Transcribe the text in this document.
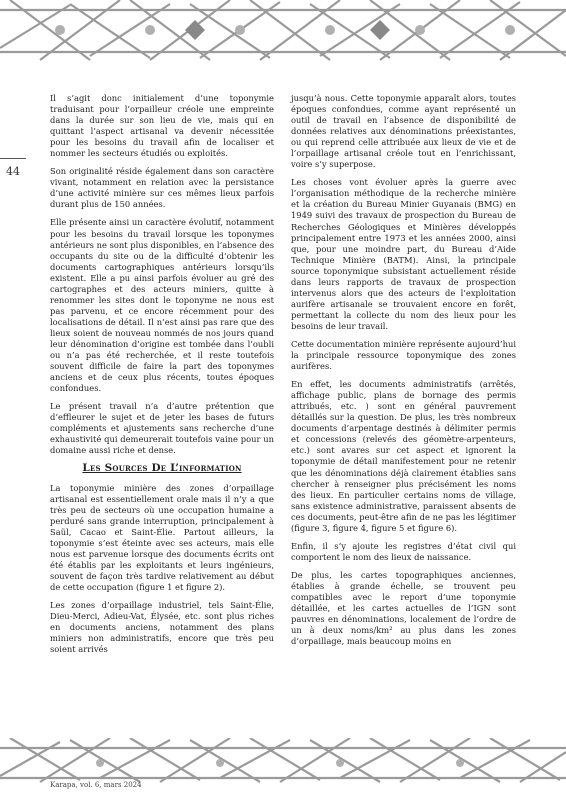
44

Il s’agit donc initialement d’une toponymie traduisant pour l’orpailleur créole une empreinte dans la durée sur son lieu de vie, mais qui en quittant l’aspect artisanal va devenir nécessitée pour les besoins du travail afin de localiser et nommer les secteurs étudiés ou exploités.

Son originalité réside également dans son caractère vivant, notamment en relation avec la persistance d’une activité minière sur ces mêmes lieux parfois durant plus de 150 années.

Elle présente ainsi un caractère évolutif, notamment pour les besoins du travail lorsque les toponymes antérieurs ne sont plus disponibles, en l’absence des occupants du site ou de la difficulté d’obtenir les documents cartographiques antérieurs lorsqu’ils existent. Elle a pu ainsi parfois évoluer au gré des cartographes et des acteurs miniers, quitte à renommer les sites dont le toponyme ne nous est pas parvenu, et ce encore récemment pour des localisations de détail. Il n’est ainsi pas rare que des lieux soient de nouveau nommés de nos jours quand leur dénomination d’origine est tombée dans l’oubli ou n’a pas été recherchée, et il reste toutefois souvent difficile de faire la part des toponymes anciens et de ceux plus récents, toutes époques confondues.

Le présent travail n’a d’autre prétention que d’effleurer le sujet et de jeter les bases de futurs compléments et ajustements sans recherche d’une exhaustivité qui demeurerait toutefois vaine pour un domaine aussi riche et dense.

Les Sources De L’information

La toponymie minière des zones d’orpaillage artisanal est essentiellement orale mais il n’y a que très peu de secteurs où une occupation humaine a perduré sans grande interruption, principalement à Saül, Cacao et Saint-Élie. Partout ailleurs, la toponymie s’est éteinte avec ses acteurs, mais elle nous est parvenue lorsque des documents écrits ont été établis par les exploitants et leurs ingénieurs, souvent de façon très tardive relativement au début de cette occupation (figure 1 et figure 2).

Les zones d’orpaillage industriel, tels Saint-Élie, Dieu-Merci, Adieu-Vat, Élysée, etc. sont plus riches en documents anciens, notamment des plans miniers non administratifs, encore que très peu soient arrivés

jusqu’à nous. Cette toponymie apparaît alors, toutes époques confondues, comme ayant représenté un outil de travail en l’absence de disponibilité de données relatives aux dénominations préexistantes, ou qui reprend celle attribuée aux lieux de vie et de l’orpaillage artisanal créole tout en l’enrichissant, voire s’y superpose.

Les choses vont évoluer après la guerre avec l’organisation méthodique de la recherche minière et la création du Bureau Minier Guyanais (BMG) en 1949 suivi des travaux de prospection du Bureau de Recherches Géologiques et Minières développés principalement entre 1973 et les années 2000, ainsi que, pour une moindre part, du Bureau d’Aide Technique Minière (BATM). Ainsi, la principale source toponymique subsistant actuellement réside dans leurs rapports de travaux de prospection intervenus alors que des acteurs de l’exploitation aurifère artisanale se trouvaient encore en forêt, permettant la collecte du nom des lieux pour les besoins de leur travail.

Cette documentation minière représente aujourd’hui la principale ressource toponymique des zones aurifères.

En effet, les documents administratifs (arrêtés, affichage public, plans de bornage des permis attribués, etc. ) sont en général pauvrement détaillés sur la question. De plus, les très nombreux documents d’arpentage destinés à délimiter permis et concessions (relevés des géomètre-arpenteurs, etc.) sont avares sur cet aspect et ignorent la toponymie de détail manifestement pour ne retenir que les dénominations déjà clairement établies sans chercher à renseigner plus précisément les noms des lieux. En particulier certains noms de village, sans existence administrative, paraissent absents de ces documents, peut-être afin de ne pas les légitimer (figure 3, figure 4, figure 5 et figure 6).

Enfin, il s’y ajoute les registres d’état civil qui comportent le nom des lieux de naissance.

De plus, les cartes topographiques anciennes, établies à grande échelle, se trouvent peu compatibles avec le report d’une toponymie détaillée, et les cartes actuelles de l’IGN sont pauvres en dénominations, localement de l’ordre de un à deux noms/km² au plus dans les zones d’orpaillage, mais beaucoup moins en

Karapa, vol. 6, mars 2024
